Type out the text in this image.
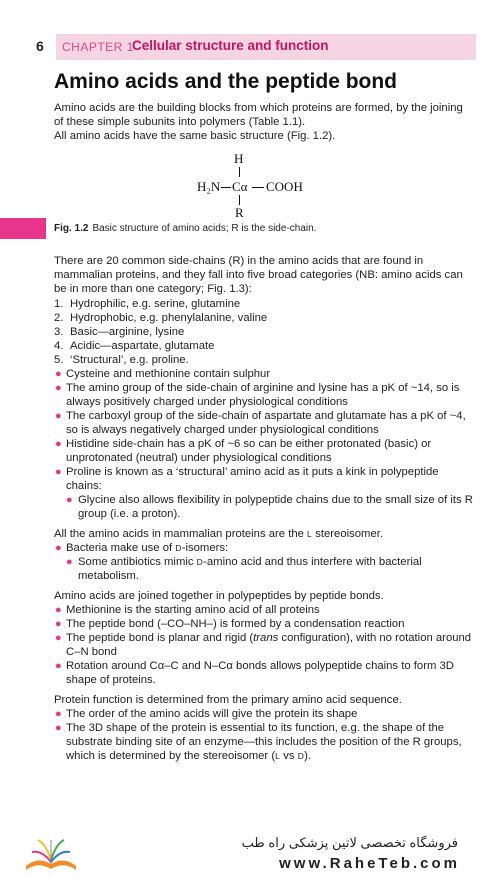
6 CHAPTER 1
Cellular structure and function
Amino acids and the peptide bond

Amino acids are the building blocks from which proteins are formed, by the joining of these simple subunits into polymers (Table 1.1).

All amino acids have the same basic structure (Fig. 1.2).

H
H₂N Cα COOH
R
Fig. 1.2 Basic structure of amino acids; R is the side-chain.

There are 20 common side-chains (R) in the amino acids that are found in mammalian proteins, and they fall into five broad categories (NB: amino acids can be in more than one category; Fig. 1.3):

1. Hydrophilic, e.g. serine, glutamine
2. Hydrophobic, e.g. phenylalanine, valine
3. Basic—arginine, lysine
4. Acidic—aspartate, glutamate
5. ‘Structural’, e.g. proline.
● Cysteine and methionine contain sulphur
● The amino group of the side-chain of arginine and lysine has a pK of ~14, so is always positively charged under physiological conditions
● The carboxyl group of the side-chain of aspartate and glutamate has a pK of ~4, so is always negatively charged under physiological conditions
● Histidine side-chain has a pK of ~6 so can be either protonated (basic) or unprotonated (neutral) under physiological conditions
● Proline is known as a ‘structural’ amino acid as it puts a kink in polypeptide chains:
● Glycine also allows flexibility in polypeptide chains due to the small size of its R group (i.e. a proton).

All the amino acids in mammalian proteins are the L stereoisomer.

● Bacteria make use of D-isomers:
● Some antibiotics mimic D-amino acid and thus interfere with bacterial metabolism.

Amino acids are joined together in polypeptides by peptide bonds.

● Methionine is the starting amino acid of all proteins
● The peptide bond (–CO–NH–) is formed by a condensation reaction
● The peptide bond is planar and rigid (trans configuration), with no rotation around C–N bond
● Rotation around Cα–C and N–Cα bonds allows polypeptide chains to form 3D shape of proteins.

Protein function is determined from the primary amino acid sequence.

● The order of the amino acids will give the protein its shape
● The 3D shape of the protein is essential to its function, e.g. the shape of the substrate binding site of an enzyme—this includes the position of the R groups, which is determined by the stereoisomer (L vs D).
فروشگاه تخصصی لاتین پزشکی راه طب
www.RaheTeb.com
